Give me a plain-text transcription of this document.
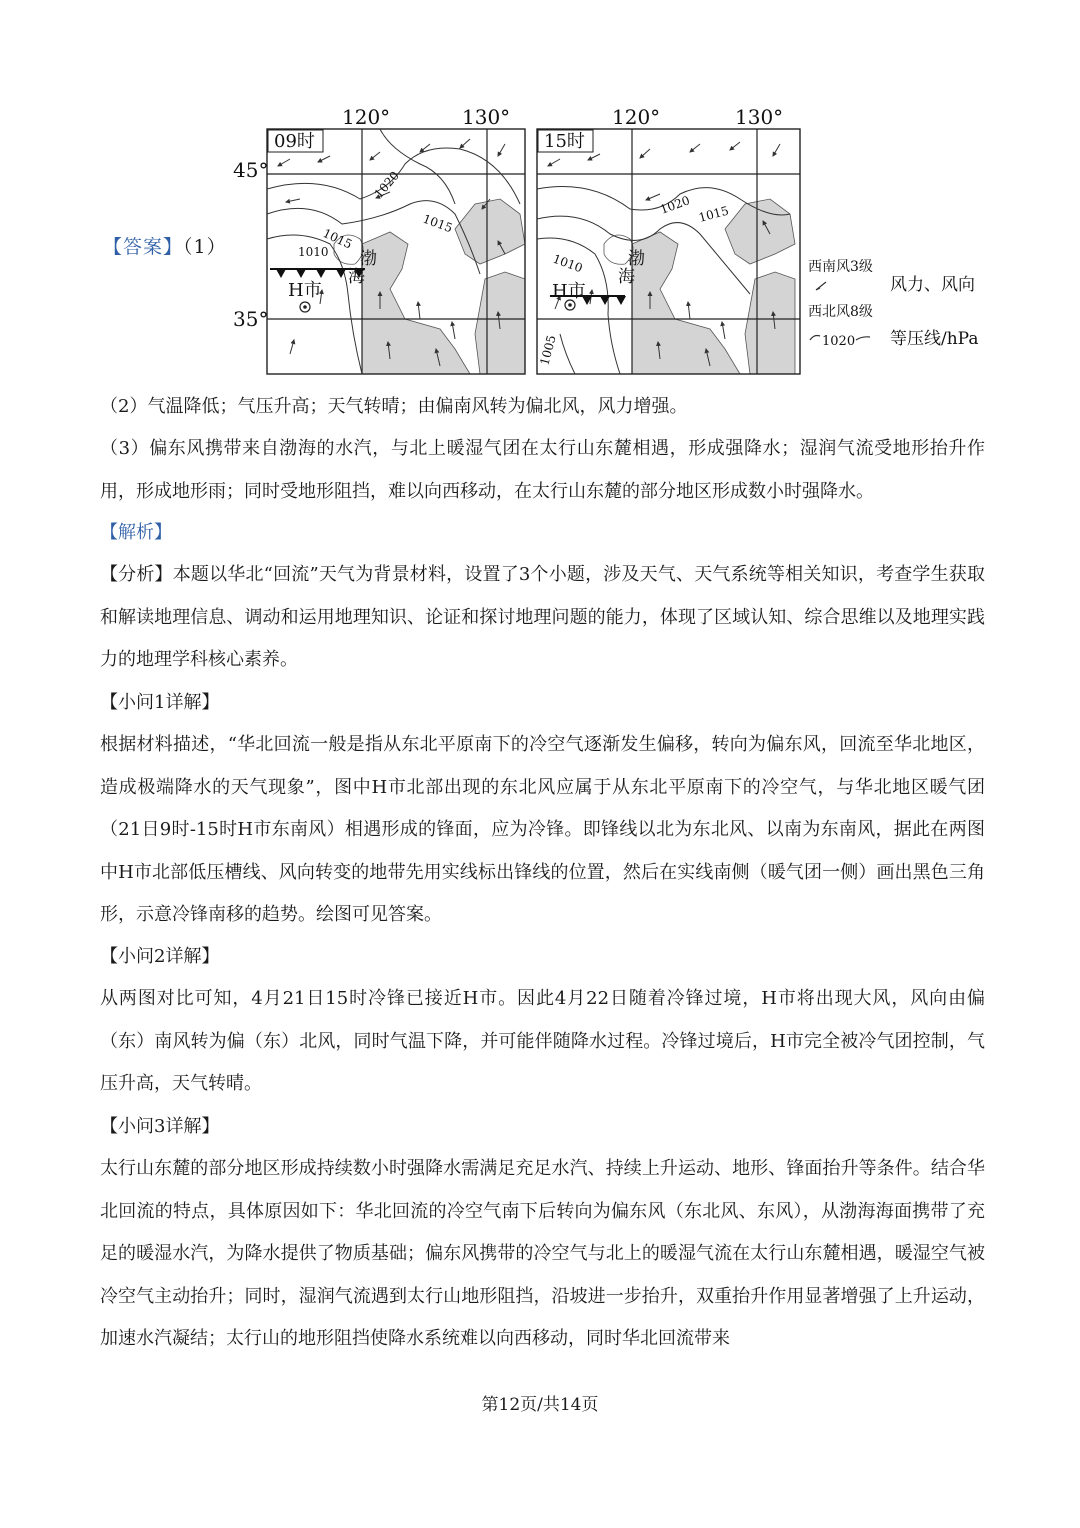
【答案】（1）
09时
120°	130°
45°
35°
1020
1015
1010
1015
渤
海
H市
15时
120°	130°
1020 1015
1010
1005
渤
海
H市
西南风3级
西北风8级
风力、风向
1020 等压线/hPa
（2）气温降低；气压升高；天气转晴；由偏南风转为偏北风，风力增强。
（3）偏东风携带来自渤海的水汽，与北上暖湿气团在太行山东麓相遇，形成强降水；湿润气流受地形抬升作用，形成地形雨；同时受地形阻挡，难以向西移动，在太行山东麓的部分地区形成数小时强降水。
【解析】
【分析】本题以华北“回流”天气为背景材料，设置了3个小题，涉及天气、天气系统等相关知识，考查学生获取和解读地理信息、调动和运用地理知识、论证和探讨地理问题的能力，体现了区域认知、综合思维以及地理实践力的地理学科核心素养。
【小问1详解】
根据材料描述，“华北回流一般是指从东北平原南下的冷空气逐渐发生偏移，转向为偏东风，回流至华北地区，造成极端降水的天气现象”，图中H市北部出现的东北风应属于从东北平原南下的冷空气，与华北地区暖气团（21日9时-15时H市东南风）相遇形成的锋面，应为冷锋。即锋线以北为东北风、以南为东南风，据此在两图中H市北部低压槽线、风向转变的地带先用实线标出锋线的位置，然后在实线南侧（暖气团一侧）画出黑色三角形，示意冷锋南移的趋势。绘图可见答案。
【小问2详解】
从两图对比可知，4月21日15时冷锋已接近H市。因此4月22日随着冷锋过境，H市将出现大风，风向由偏（东）南风转为偏（东）北风，同时气温下降，并可能伴随降水过程。冷锋过境后，H市完全被冷气团控制，气压升高，天气转晴。
【小问3详解】
太行山东麓的部分地区形成持续数小时强降水需满足充足水汽、持续上升运动、地形、锋面抬升等条件。结合华北回流的特点，具体原因如下：华北回流的冷空气南下后转向为偏东风（东北风、东风），从渤海海面携带了充足的暖湿水汽，为降水提供了物质基础；偏东风携带的冷空气与北上的暖湿气流在太行山东麓相遇，暖湿空气被冷空气主动抬升；同时，湿润气流遇到太行山地形阻挡，沿坡进一步抬升，双重抬升作用显著增强了上升运动，加速水汽凝结；太行山的地形阻挡使降水系统难以向西移动，同时华北回流带来
第12页/共14页
